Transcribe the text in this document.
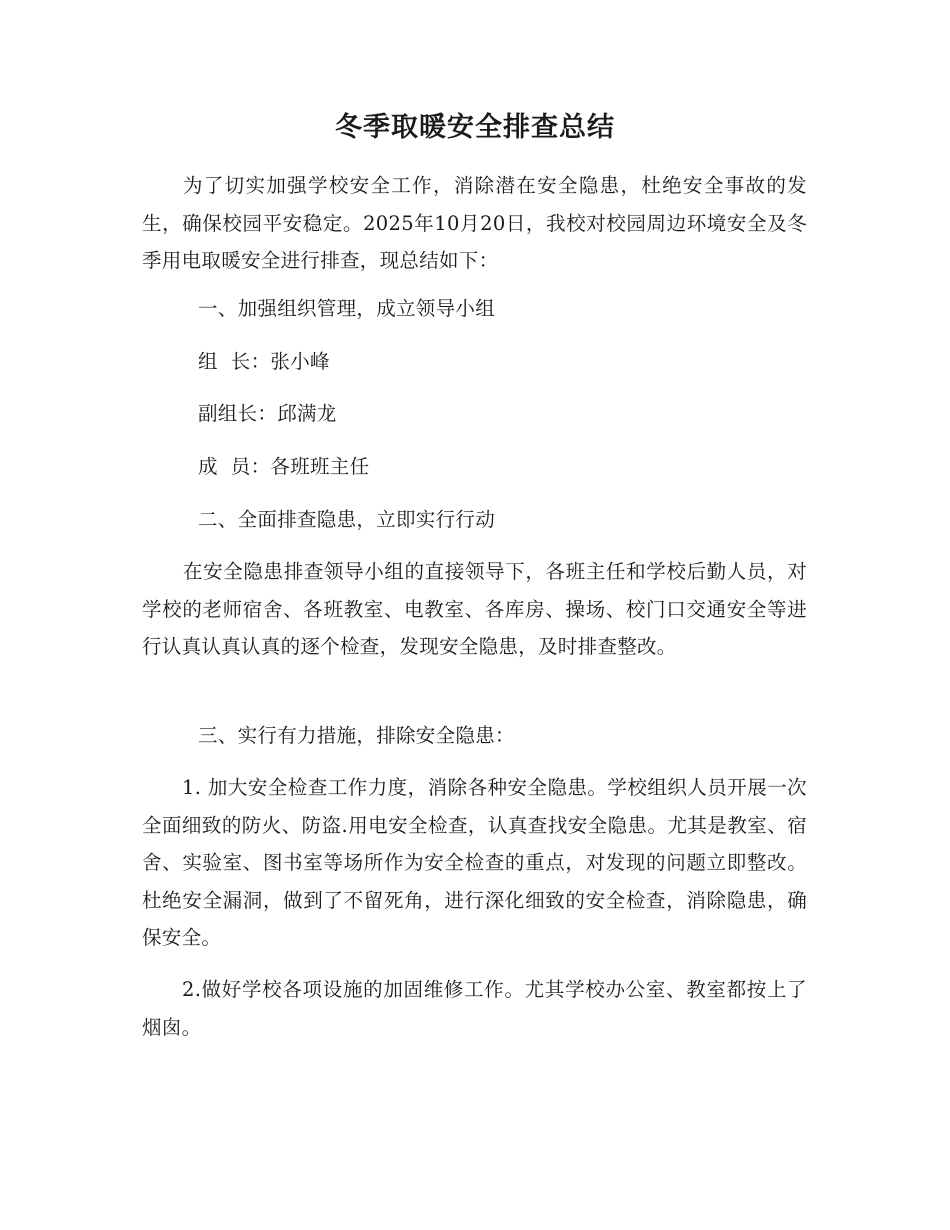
冬季取暖安全排查总结

为了切实加强学校安全工作，消除潜在安全隐患，杜绝安全事故的发生，确保校园平安稳定。2025年10月20日，我校对校园周边环境安全及冬季用电取暖安全进行排查，现总结如下：

一、加强组织管理，成立领导小组

组  长：张小峰

副组长：邱满龙

成  员：各班班主任

二、全面排查隐患，立即实行行动

在安全隐患排查领导小组的直接领导下，各班主任和学校后勤人员，对学校的老师宿舍、各班教室、电教室、各库房、操场、校门口交通安全等进行认真认真认真的逐个检查，发现安全隐患，及时排查整改。

三、实行有力措施，排除安全隐患：

1. 加大安全检查工作力度，消除各种安全隐患。学校组织人员开展一次全面细致的防火、防盗.用电安全检查，认真查找安全隐患。尤其是教室、宿舍、实验室、图书室等场所作为安全检查的重点，对发现的问题立即整改。杜绝安全漏洞，做到了不留死角，进行深化细致的安全检查，消除隐患，确保安全。

2.做好学校各项设施的加固维修工作。尤其学校办公室、教室都按上了烟囱。
